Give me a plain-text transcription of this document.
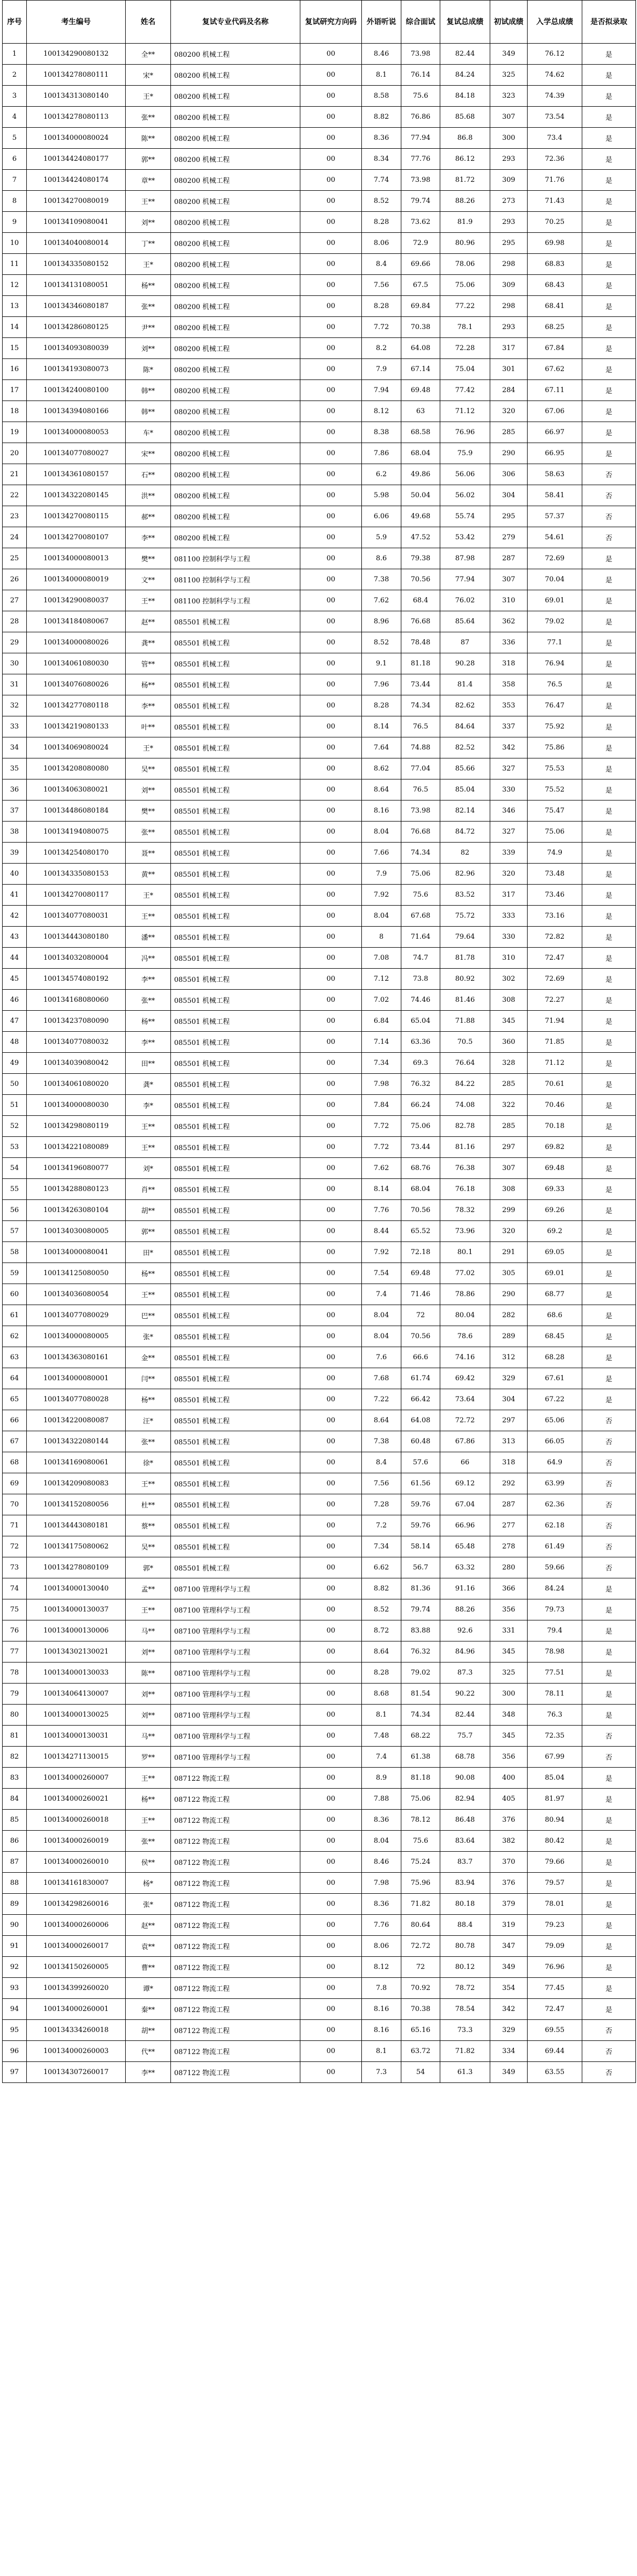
序号	考生编号	姓名	复试专业代码及名称	复试研究方向码	外语听说	综合面试	复试总成绩	初试成绩	入学总成绩	是否拟录取
1	100134290080132	全**	080200 机械工程	00	8.46	73.98	82.44	349	76.12	是
2	100134278080111	宋*	080200 机械工程	00	8.1	76.14	84.24	325	74.62	是
3	100134313080140	王*	080200 机械工程	00	8.58	75.6	84.18	323	74.39	是
4	100134278080113	张**	080200 机械工程	00	8.82	76.86	85.68	307	73.54	是
5	100134000080024	陈**	080200 机械工程	00	8.36	77.94	86.8	300	73.4	是
6	100134424080177	郭**	080200 机械工程	00	8.34	77.76	86.12	293	72.36	是
7	100134424080174	章**	080200 机械工程	00	7.74	73.98	81.72	309	71.76	是
8	100134270080019	王**	080200 机械工程	00	8.52	79.74	88.26	273	71.43	是
9	100134109080041	刘**	080200 机械工程	00	8.28	73.62	81.9	293	70.25	是
10	100134040080014	丁**	080200 机械工程	00	8.06	72.9	80.96	295	69.98	是
11	100134335080152	王*	080200 机械工程	00	8.4	69.66	78.06	298	68.83	是
12	100134131080051	杨**	080200 机械工程	00	7.56	67.5	75.06	309	68.43	是
13	100134346080187	张**	080200 机械工程	00	8.28	69.84	77.22	298	68.41	是
14	100134286080125	尹**	080200 机械工程	00	7.72	70.38	78.1	293	68.25	是
15	100134093080039	刘**	080200 机械工程	00	8.2	64.08	72.28	317	67.84	是
16	100134193080073	陈*	080200 机械工程	00	7.9	67.14	75.04	301	67.62	是
17	100134240080100	韩**	080200 机械工程	00	7.94	69.48	77.42	284	67.11	是
18	100134394080166	韩**	080200 机械工程	00	8.12	63	71.12	320	67.06	是
19	100134000080053	车*	080200 机械工程	00	8.38	68.58	76.96	285	66.97	是
20	100134077080027	宋**	080200 机械工程	00	7.86	68.04	75.9	290	66.95	是
21	100134361080157	石**	080200 机械工程	00	6.2	49.86	56.06	306	58.63	否
22	100134322080145	洪**	080200 机械工程	00	5.98	50.04	56.02	304	58.41	否
23	100134270080115	郝**	080200 机械工程	00	6.06	49.68	55.74	295	57.37	否
24	100134270080107	李**	080200 机械工程	00	5.9	47.52	53.42	279	54.61	否
25	100134000080013	樊**	081100 控制科学与工程	00	8.6	79.38	87.98	287	72.69	是
26	100134000080019	文**	081100 控制科学与工程	00	7.38	70.56	77.94	307	70.04	是
27	100134290080037	王**	081100 控制科学与工程	00	7.62	68.4	76.02	310	69.01	是
28	100134184080067	赵**	085501 机械工程	00	8.96	76.68	85.64	362	79.02	是
29	100134000080026	龚**	085501 机械工程	00	8.52	78.48	87	336	77.1	是
30	100134061080030	管**	085501 机械工程	00	9.1	81.18	90.28	318	76.94	是
31	100134076080026	杨**	085501 机械工程	00	7.96	73.44	81.4	358	76.5	是
32	100134277080118	李**	085501 机械工程	00	8.28	74.34	82.62	353	76.47	是
33	100134219080133	叶**	085501 机械工程	00	8.14	76.5	84.64	337	75.92	是
34	100134069080024	王*	085501 机械工程	00	7.64	74.88	82.52	342	75.86	是
35	100134208080080	吴**	085501 机械工程	00	8.62	77.04	85.66	327	75.53	是
36	100134063080021	刘**	085501 机械工程	00	8.64	76.5	85.04	330	75.52	是
37	100134486080184	樊**	085501 机械工程	00	8.16	73.98	82.14	346	75.47	是
38	100134194080075	张**	085501 机械工程	00	8.04	76.68	84.72	327	75.06	是
39	100134254080170	聂**	085501 机械工程	00	7.66	74.34	82	339	74.9	是
40	100134335080153	黄**	085501 机械工程	00	7.9	75.06	82.96	320	73.48	是
41	100134270080117	王*	085501 机械工程	00	7.92	75.6	83.52	317	73.46	是
42	100134077080031	王**	085501 机械工程	00	8.04	67.68	75.72	333	73.16	是
43	100134443080180	潘**	085501 机械工程	00	8	71.64	79.64	330	72.82	是
44	100134032080004	冯**	085501 机械工程	00	7.08	74.7	81.78	310	72.47	是
45	100134574080192	李**	085501 机械工程	00	7.12	73.8	80.92	302	72.69	是
46	100134168080060	张**	085501 机械工程	00	7.02	74.46	81.46	308	72.27	是
47	100134237080090	杨**	085501 机械工程	00	6.84	65.04	71.88	345	71.94	是
48	100134077080032	李**	085501 机械工程	00	7.14	63.36	70.5	360	71.85	是
49	100134039080042	田**	085501 机械工程	00	7.34	69.3	76.64	328	71.12	是
50	100134061080020	龚*	085501 机械工程	00	7.98	76.32	84.22	285	70.61	是
51	100134000080030	李*	085501 机械工程	00	7.84	66.24	74.08	322	70.46	是
52	100134298080119	王**	085501 机械工程	00	7.72	75.06	82.78	285	70.18	是
53	100134221080089	王**	085501 机械工程	00	7.72	73.44	81.16	297	69.82	是
54	100134196080077	刘*	085501 机械工程	00	7.62	68.76	76.38	307	69.48	是
55	100134288080123	肖**	085501 机械工程	00	8.14	68.04	76.18	308	69.33	是
56	100134263080104	胡**	085501 机械工程	00	7.76	70.56	78.32	299	69.26	是
57	100134030080005	郭**	085501 机械工程	00	8.44	65.52	73.96	320	69.2	是
58	100134000080041	田*	085501 机械工程	00	7.92	72.18	80.1	291	69.05	是
59	100134125080050	杨**	085501 机械工程	00	7.54	69.48	77.02	305	69.01	是
60	100134036080054	王**	085501 机械工程	00	7.4	71.46	78.86	290	68.77	是
61	100134077080029	巴**	085501 机械工程	00	8.04	72	80.04	282	68.6	是
62	100134000080005	张*	085501 机械工程	00	8.04	70.56	78.6	289	68.45	是
63	100134363080161	金**	085501 机械工程	00	7.6	66.6	74.16	312	68.28	是
64	100134000080001	闫**	085501 机械工程	00	7.68	61.74	69.42	329	67.61	是
65	100134077080028	杨**	085501 机械工程	00	7.22	66.42	73.64	304	67.22	是
66	100134220080087	汪*	085501 机械工程	00	8.64	64.08	72.72	297	65.06	否
67	100134322080144	张**	085501 机械工程	00	7.38	60.48	67.86	313	66.05	否
68	100134169080061	徐*	085501 机械工程	00	8.4	57.6	66	318	64.9	否
69	100134209080083	王**	085501 机械工程	00	7.56	61.56	69.12	292	63.99	否
70	100134152080056	杜**	085501 机械工程	00	7.28	59.76	67.04	287	62.36	否
71	100134443080181	蔡**	085501 机械工程	00	7.2	59.76	66.96	277	62.18	否
72	100134175080062	吴**	085501 机械工程	00	7.34	58.14	65.48	278	61.49	否
73	100134278080109	郭*	085501 机械工程	00	6.62	56.7	63.32	280	59.66	否
74	100134000130040	孟**	087100 管理科学与工程	00	8.82	81.36	91.16	366	84.24	是
75	100134000130037	王**	087100 管理科学与工程	00	8.52	79.74	88.26	356	79.73	是
76	100134000130006	马**	087100 管理科学与工程	00	8.72	83.88	92.6	331	79.4	是
77	100134302130021	刘**	087100 管理科学与工程	00	8.64	76.32	84.96	345	78.98	是
78	100134000130033	陈**	087100 管理科学与工程	00	8.28	79.02	87.3	325	77.51	是
79	100134064130007	刘**	087100 管理科学与工程	00	8.68	81.54	90.22	300	78.11	是
80	100134000130025	刘**	087100 管理科学与工程	00	8.1	74.34	82.44	348	76.3	是
81	100134000130031	马**	087100 管理科学与工程	00	7.48	68.22	75.7	345	72.35	否
82	100134271130015	罗**	087100 管理科学与工程	00	7.4	61.38	68.78	356	67.99	否
83	100134000260007	王**	087122 物流工程	00	8.9	81.18	90.08	400	85.04	是
84	100134000260021	杨**	087122 物流工程	00	7.88	75.06	82.94	405	81.97	是
85	100134000260018	王**	087122 物流工程	00	8.36	78.12	86.48	376	80.94	是
86	100134000260019	张**	087122 物流工程	00	8.04	75.6	83.64	382	80.42	是
87	100134000260010	侯**	087122 物流工程	00	8.46	75.24	83.7	370	79.66	是
88	100134161830007	杨*	087122 物流工程	00	7.98	75.96	83.94	376	79.57	是
89	100134298260016	张*	087122 物流工程	00	8.36	71.82	80.18	379	78.01	是
90	100134000260006	赵**	087122 物流工程	00	7.76	80.64	88.4	319	79.23	是
91	100134000260017	袁**	087122 物流工程	00	8.06	72.72	80.78	347	79.09	是
92	100134150260005	曹**	087122 物流工程	00	8.12	72	80.12	349	76.96	是
93	100134399260020	谭*	087122 物流工程	00	7.8	70.92	78.72	354	77.45	是
94	100134000260001	秦**	087122 物流工程	00	8.16	70.38	78.54	342	72.47	是
95	100134334260018	胡**	087122 物流工程	00	8.16	65.16	73.3	329	69.55	否
96	100134000260003	代**	087122 物流工程	00	8.1	63.72	71.82	334	69.44	否
97	100134307260017	李**	087122 物流工程	00	7.3	54	61.3	349	63.55	否
